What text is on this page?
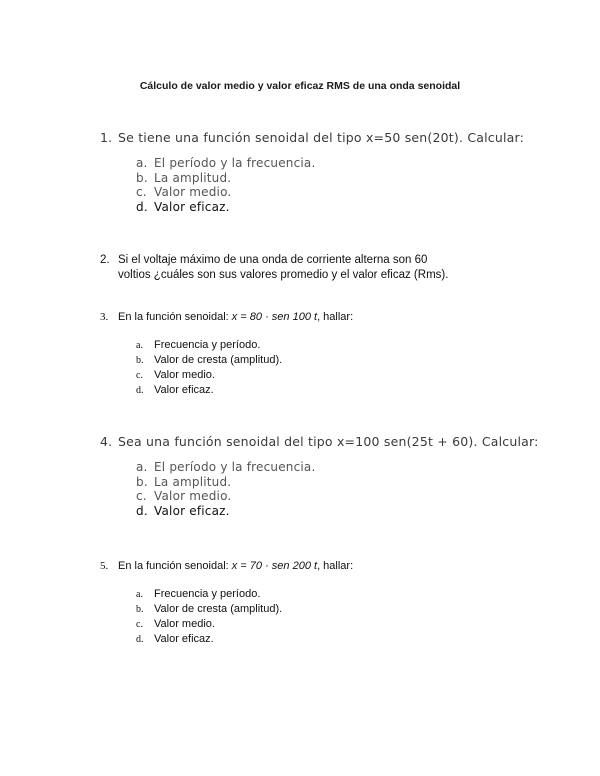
Cálculo de valor medio y valor eficaz RMS de una onda senoidal
1. Se tiene una función senoidal del tipo x=50 sen(20t). Calcular:
a. El período y la frecuencia.
b. La amplitud.
c. Valor medio.
d. Valor eficaz.
2. Si el voltaje máximo de una onda de corriente alterna son 60
voltios ¿cuáles son sus valores promedio y el valor eficaz (Rms).
3. En la función senoidal: x = 80 · sen 100 t, hallar:
a. Frecuencia y período.
b. Valor de cresta (amplitud).
c. Valor medio.
d. Valor eficaz.
4. Sea una función senoidal del tipo x=100 sen(25t + 60). Calcular:
a. El período y la frecuencia.
b. La amplitud.
c. Valor medio.
d. Valor eficaz.
5. En la función senoidal: x = 70 · sen 200 t, hallar:
a. Frecuencia y período.
b. Valor de cresta (amplitud).
c. Valor medio.
d. Valor eficaz.
